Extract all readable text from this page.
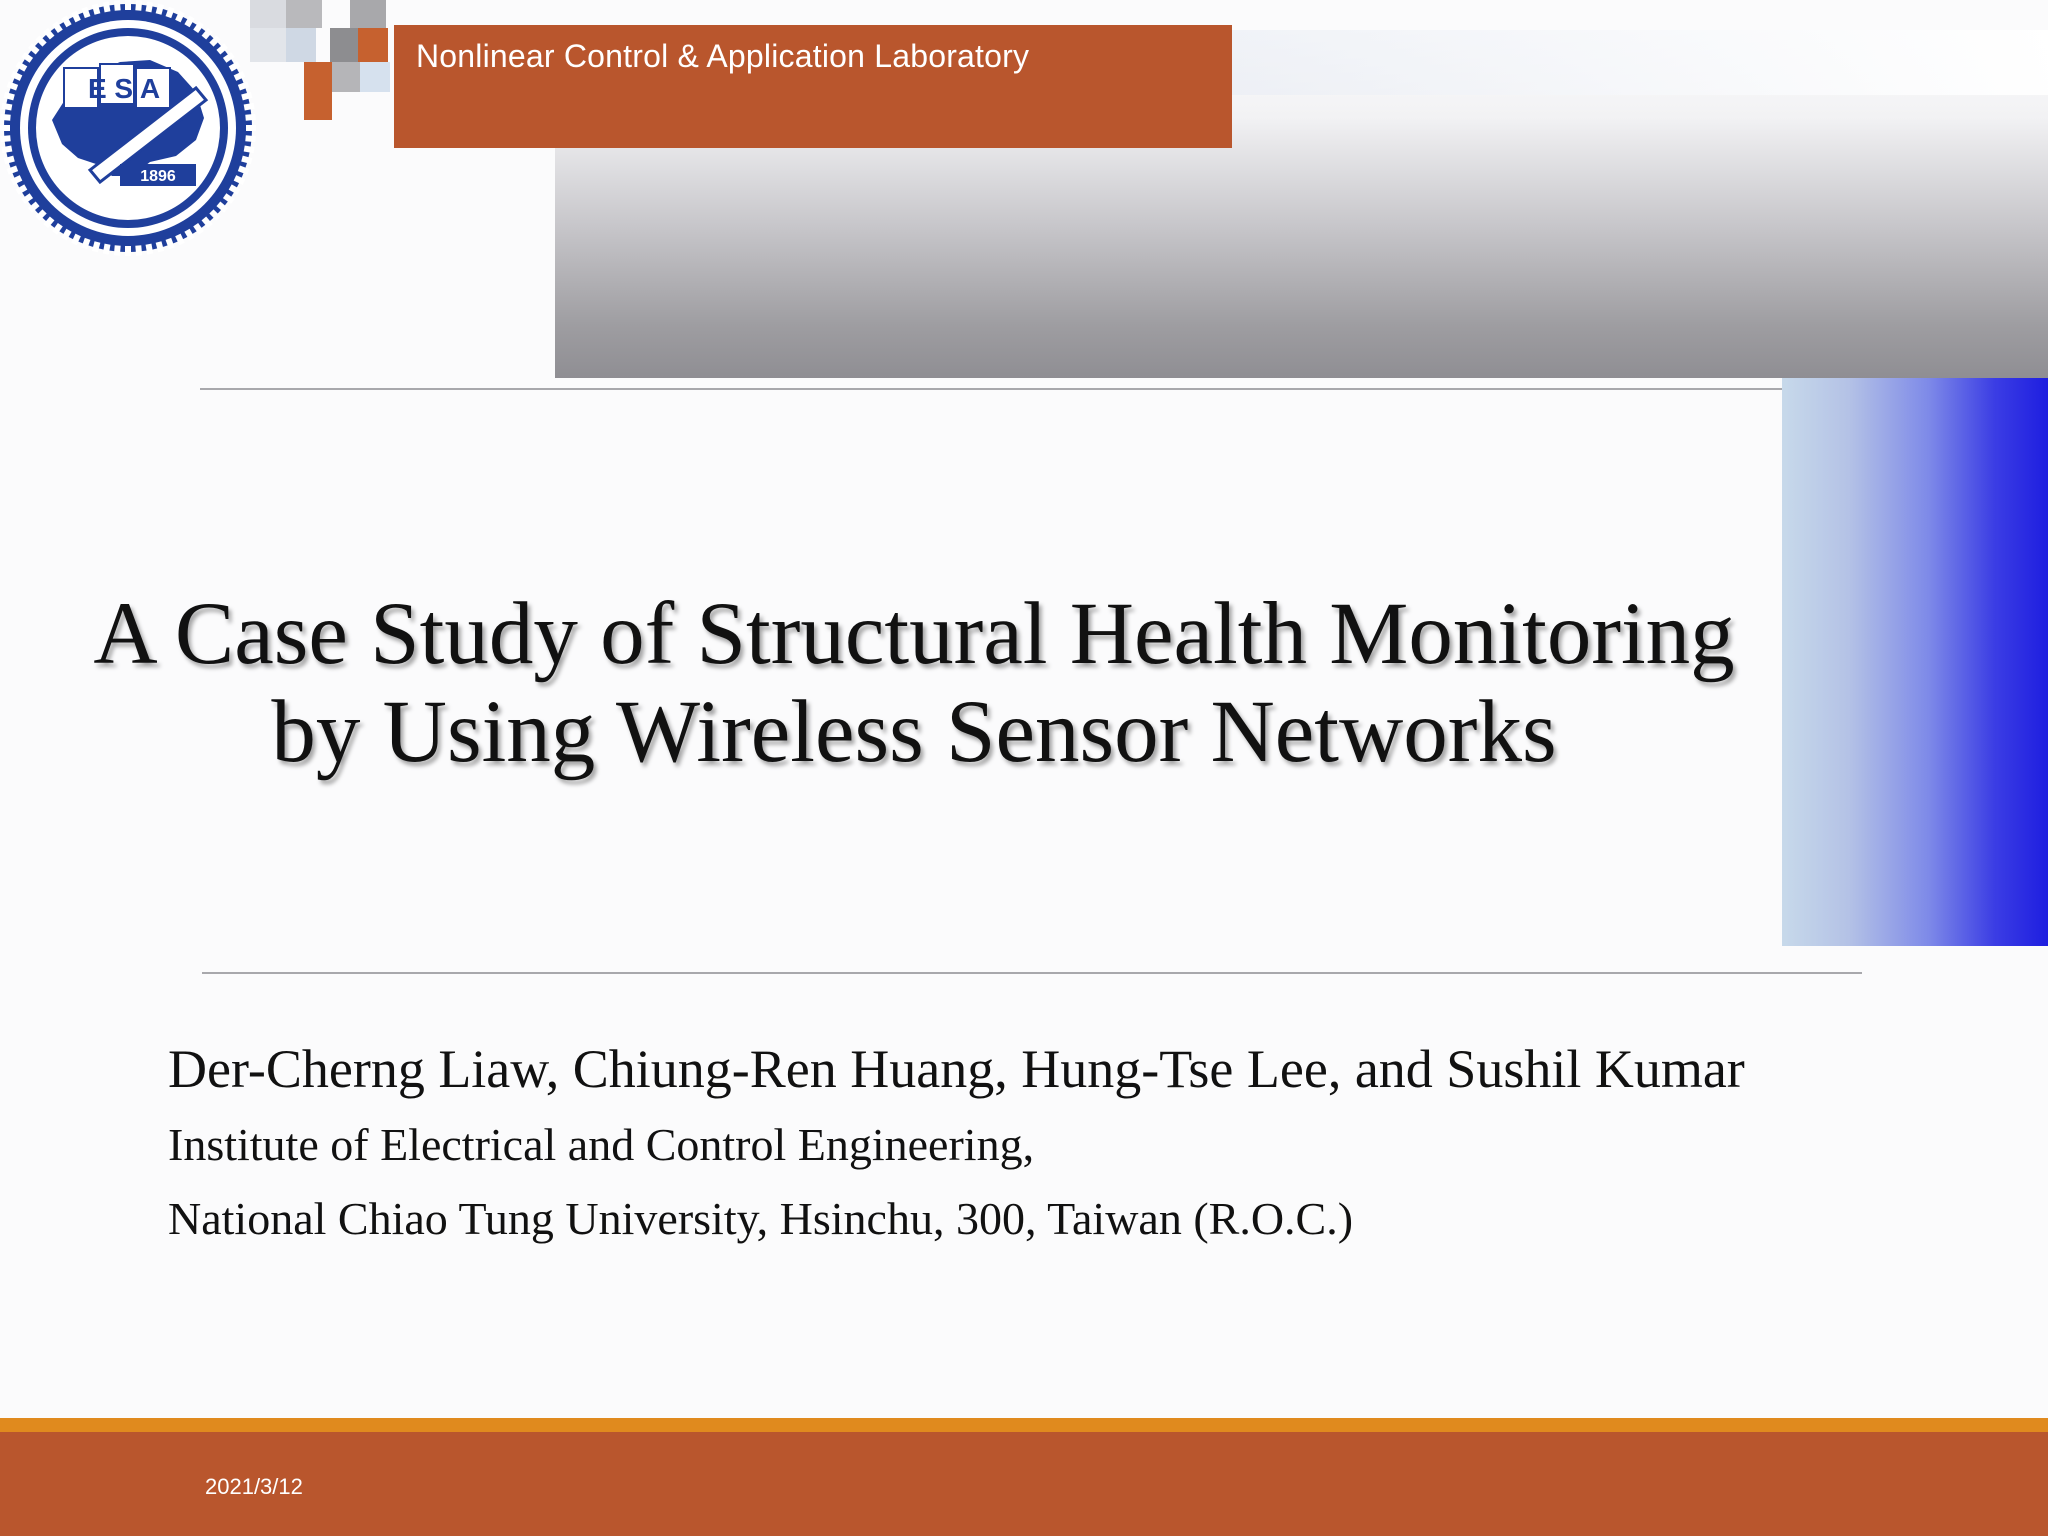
Nonlinear Control & Application Laboratory
E S A
1896
A Case Study of Structural Health Monitoring
by Using Wireless Sensor Networks
Der-Cherng Liaw, Chiung-Ren Huang, Hung-Tse Lee, and Sushil Kumar
Institute of Electrical and Control Engineering,
National Chiao Tung University, Hsinchu, 300, Taiwan (R.O.C.)
2021/3/12
